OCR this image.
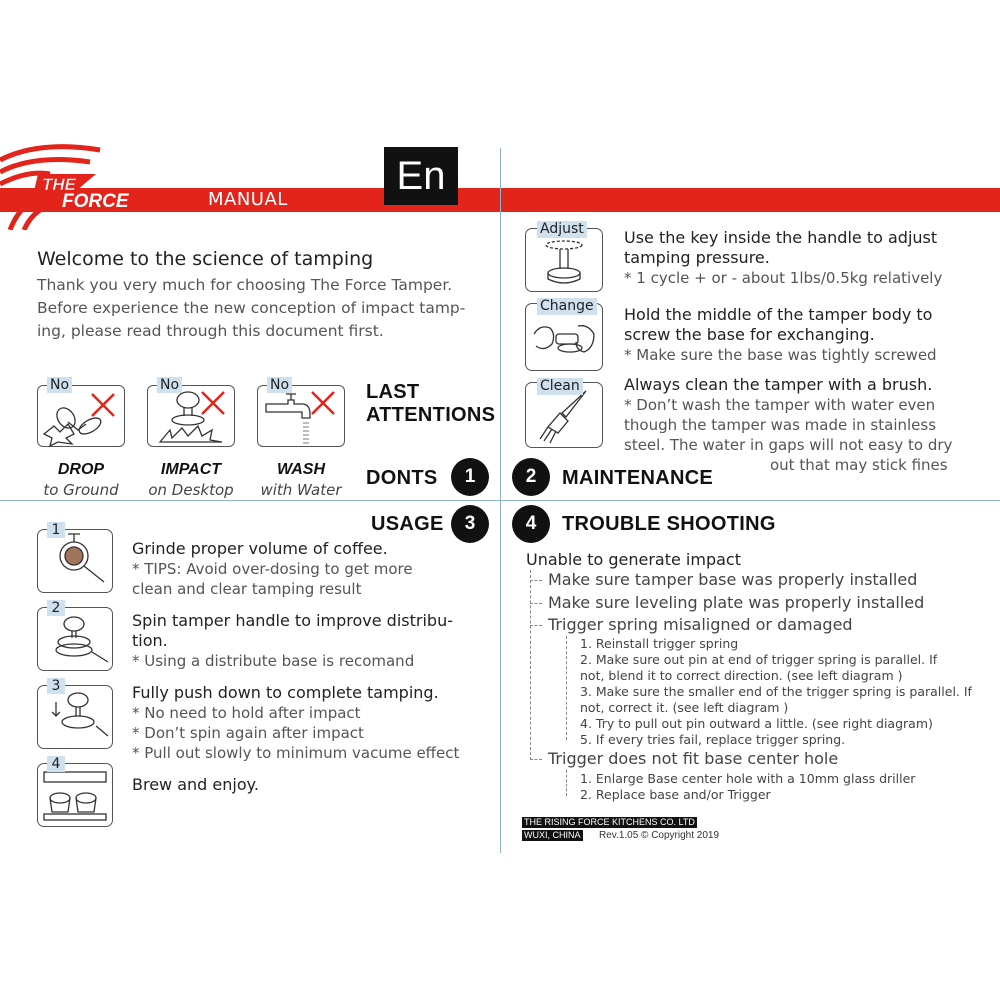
THE
FORCE	MANUAL
En
Welcome to the science of tamping
Thank you very much for choosing The Force Tamper.
Before experience the new conception of impact tamp-
ing, please read through this document first.
No
DROP
to Ground
No
IMPACT
on Desktop
No
WASH
with Water
LAST
ATTENTIONS
DONTS	1
Adjust	Use the key inside the handle to adjust
tamping pressure.
* 1 cycle + or - about 1lbs/0.5kg relatively
Change Hold the middle of the tamper body to
screw the base for exchanging.
* Make sure the base was tightly screwed
Clean	Always clean the tamper with a brush.
* Don’t wash the tamper with water even
though the tamper was made in stainless
steel. The water in gaps will not easy to dry
out that may stick fines
2	MAINTENANCE
USAGE	3
1
Grinde proper volume of coffee.
* TIPS: Avoid over-dosing to get more
clean and clear tamping result
2
Spin tamper handle to improve distribu-
tion.
* Using a distribute base is recomand
3	Fully push down to complete tamping.
* No need to hold after impact
* Don’t spin again after impact
* Pull out slowly to minimum vacume effect
4
Brew and enjoy.
4	TROUBLE SHOOTING
Unable to generate impact
Make sure tamper base was properly installed
Make sure leveling plate was properly installed
Trigger spring misaligned or damaged
1. Reinstall trigger spring
2. Make sure out pin at end of trigger spring is parallel. If
not, blend it to correct direction. (see left diagram )
3. Make sure the smaller end of the trigger spring is parallel. If
not, correct it. (see left diagram )
4. Try to pull out pin outward a little. (see right diagram)
5. If every tries fail, replace trigger spring.
Trigger does not fit base center hole
1. Enlarge Base center hole with a 10mm glass driller
2. Replace base and/or Trigger
THE RISING FORCE KITCHENS CO. LTD
WUXI, CHINA Rev.1.05 © Copyright 2019
